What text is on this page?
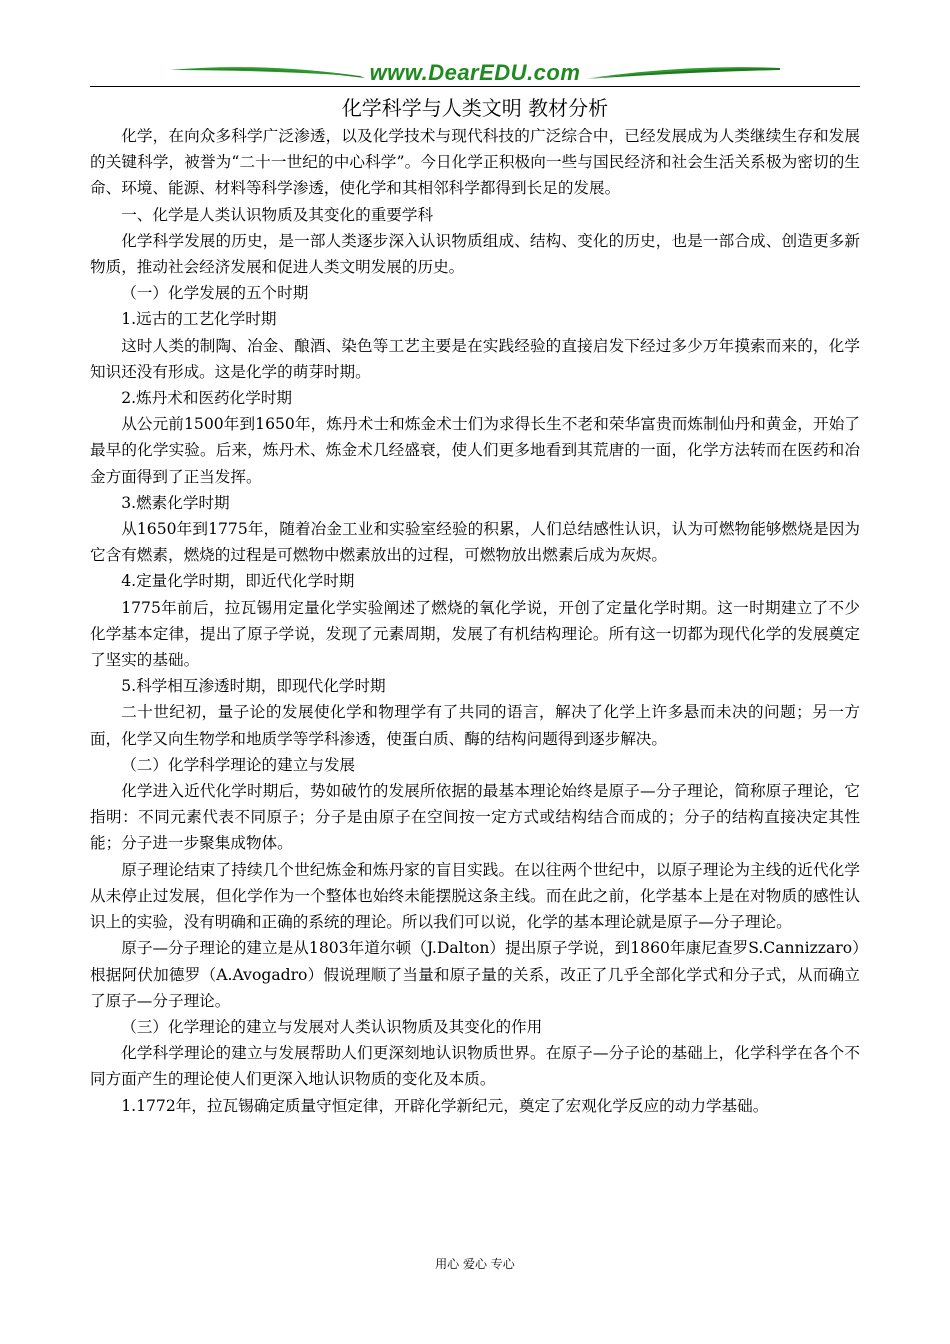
www.DearEDU.com
化学科学与人类文明 教材分析

化学，在向众多科学广泛渗透，以及化学技术与现代科技的广泛综合中，已经发展成为人类继续生存和发展的关键科学，被誉为“二十一世纪的中心科学”。今日化学正积极向一些与国民经济和社会生活关系极为密切的生命、环境、能源、材料等科学渗透，使化学和其相邻科学都得到长足的发展。

一、化学是人类认识物质及其变化的重要学科

化学科学发展的历史，是一部人类逐步深入认识物质组成、结构、变化的历史，也是一部合成、创造更多新物质，推动社会经济发展和促进人类文明发展的历史。

（一）化学发展的五个时期

1.远古的工艺化学时期

这时人类的制陶、冶金、酿酒、染色等工艺主要是在实践经验的直接启发下经过多少万年摸索而来的，化学知识还没有形成。这是化学的萌芽时期。

2.炼丹术和医药化学时期

从公元前1500年到1650年，炼丹术士和炼金术士们为求得长生不老和荣华富贵而炼制仙丹和黄金，开始了最早的化学实验。后来，炼丹术、炼金术几经盛衰，使人们更多地看到其荒唐的一面，化学方法转而在医药和冶金方面得到了正当发挥。

3.燃素化学时期

从1650年到1775年，随着冶金工业和实验室经验的积累，人们总结感性认识，认为可燃物能够燃烧是因为它含有燃素，燃烧的过程是可燃物中燃素放出的过程，可燃物放出燃素后成为灰烬。

4.定量化学时期，即近代化学时期

1775年前后，拉瓦锡用定量化学实验阐述了燃烧的氧化学说，开创了定量化学时期。这一时期建立了不少化学基本定律，提出了原子学说，发现了元素周期，发展了有机结构理论。所有这一切都为现代化学的发展奠定了坚实的基础。

5.科学相互渗透时期，即现代化学时期

二十世纪初，量子论的发展使化学和物理学有了共同的语言，解决了化学上许多悬而未决的问题；另一方面，化学又向生物学和地质学等学科渗透，使蛋白质、酶的结构问题得到逐步解决。

（二）化学科学理论的建立与发展

化学进入近代化学时期后，势如破竹的发展所依据的最基本理论始终是原子—分子理论，简称原子理论，它指明：不同元素代表不同原子；分子是由原子在空间按一定方式或结构结合而成的；分子的结构直接决定其性能；分子进一步聚集成物体。

原子理论结束了持续几个世纪炼金和炼丹家的盲目实践。在以往两个世纪中，以原子理论为主线的近代化学从未停止过发展，但化学作为一个整体也始终未能摆脱这条主线。而在此之前，化学基本上是在对物质的感性认识上的实验，没有明确和正确的系统的理论。所以我们可以说，化学的基本理论就是原子—分子理论。

原子—分子理论的建立是从1803年道尔顿（J.Dalton）提出原子学说，到1860年康尼查罗S.Cannizzaro）根据阿伏加德罗（A.Avogadro）假说理顺了当量和原子量的关系，改正了几乎全部化学式和分子式，从而确立了原子—分子理论。

（三）化学理论的建立与发展对人类认识物质及其变化的作用

化学科学理论的建立与发展帮助人们更深刻地认识物质世界。在原子—分子论的基础上，化学科学在各个不同方面产生的理论使人们更深入地认识物质的变化及本质。

1.1772年，拉瓦锡确定质量守恒定律，开辟化学新纪元，奠定了宏观化学反应的动力学基础。

用心 爱心 专心
